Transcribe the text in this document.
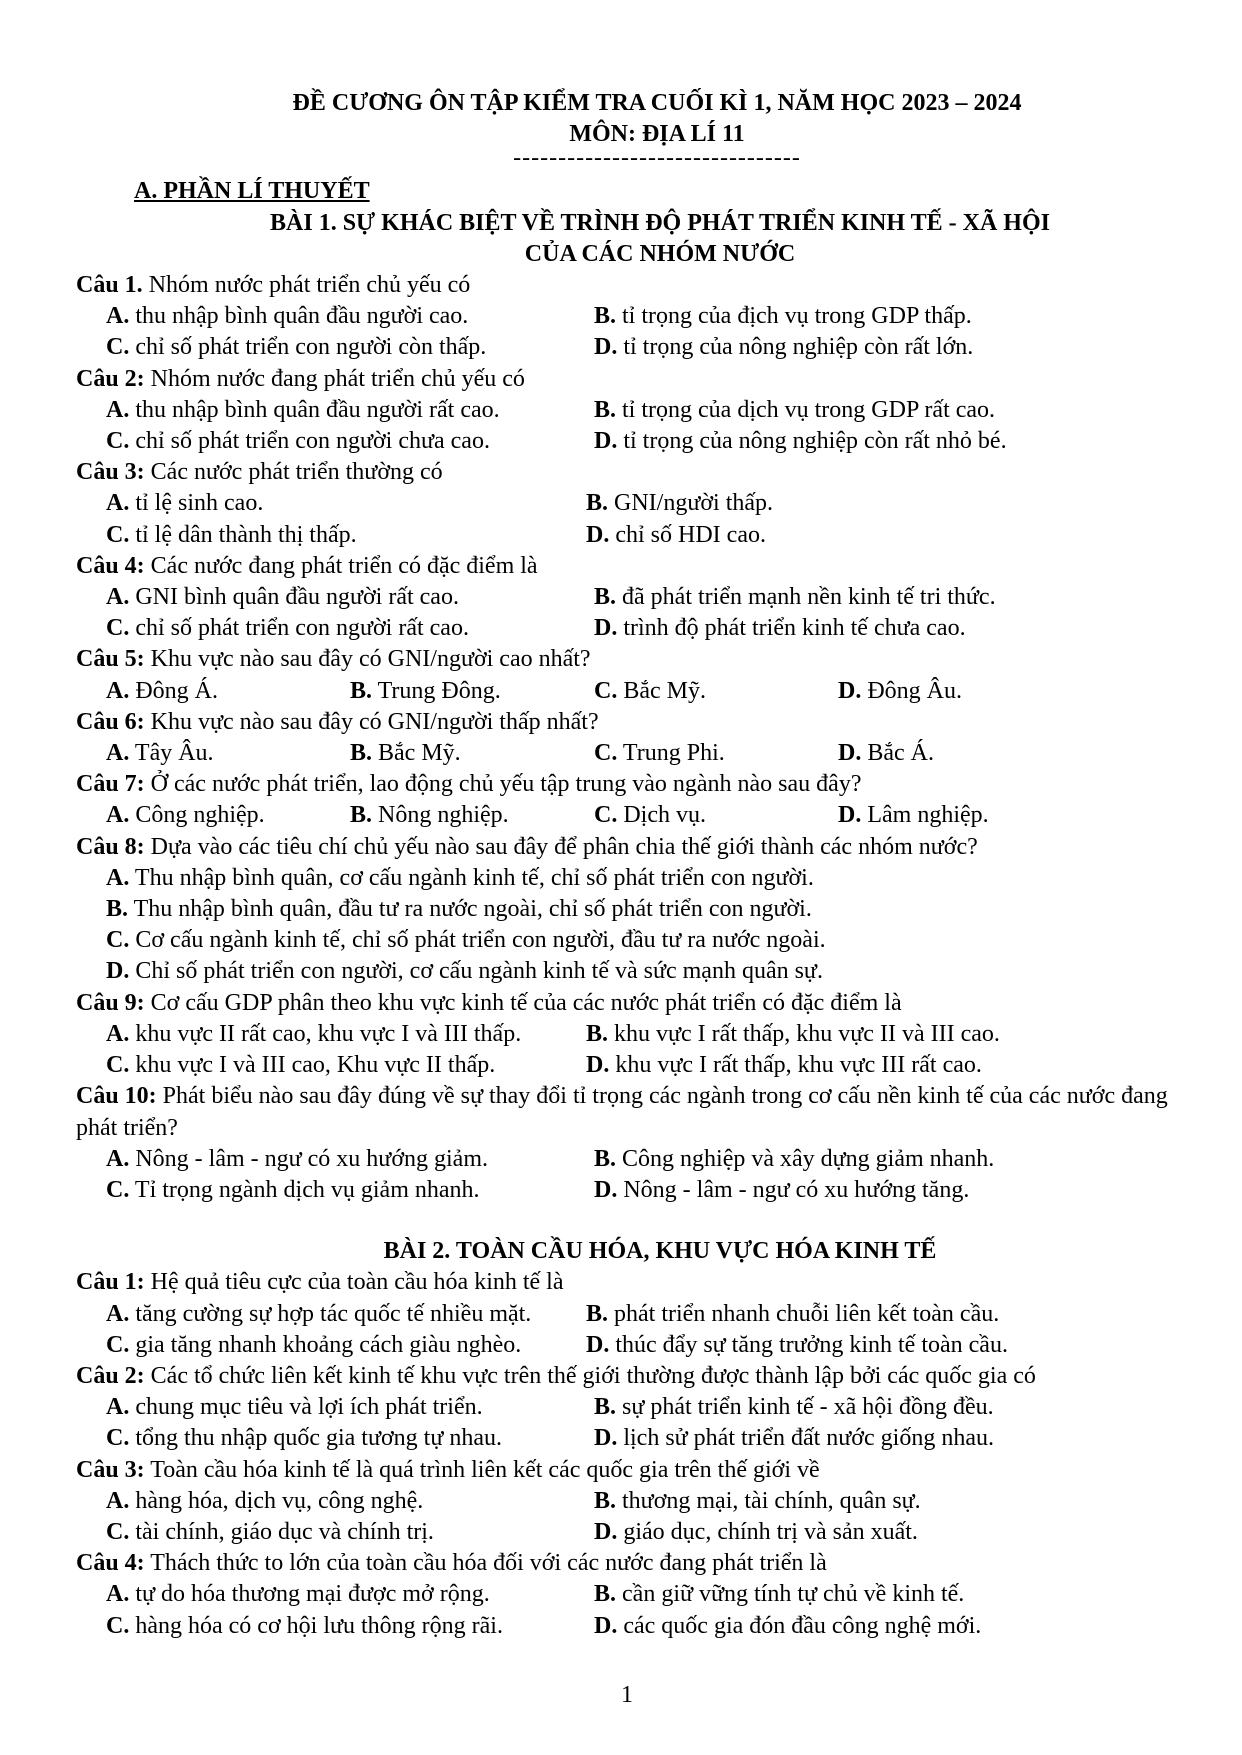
ĐỀ CƯƠNG ÔN TẬP KIỂM TRA CUỐI KÌ 1, NĂM HỌC 2023 – 2024
MÔN: ĐỊA LÍ 11
--------------------------------
A. PHẦN LÍ THUYẾT
BÀI 1. SỰ KHÁC BIỆT VỀ TRÌNH ĐỘ PHÁT TRIỂN KINH TẾ - XÃ HỘI
CỦA CÁC NHÓM NƯỚC
Câu 1. Nhóm nước phát triển chủ yếu có
A. thu nhập bình quân đầu người cao.	B. tỉ trọng của địch vụ trong GDP thấp.
C. chỉ số phát triển con người còn thấp.	D. tỉ trọng của nông nghiệp còn rất lớn.
Câu 2: Nhóm nước đang phát triển chủ yếu có
A. thu nhập bình quân đầu người rất cao.	B. tỉ trọng của dịch vụ trong GDP rất cao.
C. chỉ số phát triển con người chưa cao.	D. tỉ trọng của nông nghiệp còn rất nhỏ bé.
Câu 3: Các nước phát triển thường có
A. tỉ lệ sinh cao.	B. GNI/người thấp.
C. tỉ lệ dân thành thị thấp.	D. chỉ số HDI cao.
Câu 4: Các nước đang phát triển có đặc điểm là
A. GNI bình quân đầu người rất cao.	B. đã phát triển mạnh nền kinh tế tri thức.
C. chỉ số phát triển con người rất cao.	D. trình độ phát triển kinh tế chưa cao.
Câu 5: Khu vực nào sau đây có GNI/người cao nhất?
A. Đông Á.	B. Trung Đông.	C. Bắc Mỹ.	D. Đông Âu.
Câu 6: Khu vực nào sau đây có GNI/người thấp nhất?
A. Tây Âu.	B. Bắc Mỹ.	C. Trung Phi.	D. Bắc Á.
Câu 7: Ở các nước phát triển, lao động chủ yếu tập trung vào ngành nào sau đây?
A. Công nghiệp.	B. Nông nghiệp.	C. Dịch vụ.	D. Lâm nghiệp.
Câu 8: Dựa vào các tiêu chí chủ yếu nào sau đây để phân chia thế giới thành các nhóm nước?
A. Thu nhập bình quân, cơ cấu ngành kinh tế, chỉ số phát triển con người.
B. Thu nhập bình quân, đầu tư ra nước ngoài, chỉ số phát triển con người.
C. Cơ cấu ngành kinh tế, chỉ số phát triển con người, đầu tư ra nước ngoài.
D. Chỉ số phát triển con người, cơ cấu ngành kinh tế và sức mạnh quân sự.
Câu 9: Cơ cấu GDP phân theo khu vực kinh tế của các nước phát triển có đặc điểm là
A. khu vực II rất cao, khu vực I và III thấp.	B. khu vực I rất thấp, khu vực II và III cao.
C. khu vực I và III cao, Khu vực II thấp.	D. khu vực I rất thấp, khu vực III rất cao.
Câu 10: Phát biểu nào sau đây đúng về sự thay đổi tỉ trọng các ngành trong cơ cấu nền kinh tế của các nước đang phát triển?
A. Nông - lâm - ngư có xu hướng giảm.	B. Công nghiệp và xây dựng giảm nhanh.
C. Tỉ trọng ngành dịch vụ giảm nhanh.	D. Nông - lâm - ngư có xu hướng tăng.
BÀI 2. TOÀN CẦU HÓA, KHU VỰC HÓA KINH TẾ
Câu 1: Hệ quả tiêu cực của toàn cầu hóa kinh tế là
A. tăng cường sự hợp tác quốc tế nhiều mặt.	B. phát triển nhanh chuỗi liên kết toàn cầu.
C. gia tăng nhanh khoảng cách giàu nghèo.	D. thúc đẩy sự tăng trưởng kinh tế toàn cầu.
Câu 2: Các tổ chức liên kết kinh tế khu vực trên thế giới thường được thành lập bởi các quốc gia có
A. chung mục tiêu và lợi ích phát triển.	B. sự phát triển kinh tế - xã hội đồng đều.
C. tổng thu nhập quốc gia tương tự nhau.	D. lịch sử phát triển đất nước giống nhau.
Câu 3: Toàn cầu hóa kinh tế là quá trình liên kết các quốc gia trên thế giới về
A. hàng hóa, dịch vụ, công nghệ.	B. thương mại, tài chính, quân sự.
C. tài chính, giáo dục và chính trị.	D. giáo dục, chính trị và sản xuất.
Câu 4: Thách thức to lớn của toàn cầu hóa đối với các nước đang phát triển là
A. tự do hóa thương mại được mở rộng.	B. cần giữ vững tính tự chủ về kinh tế.
C. hàng hóa có cơ hội lưu thông rộng rãi.	D. các quốc gia đón đầu công nghệ mới.
1
